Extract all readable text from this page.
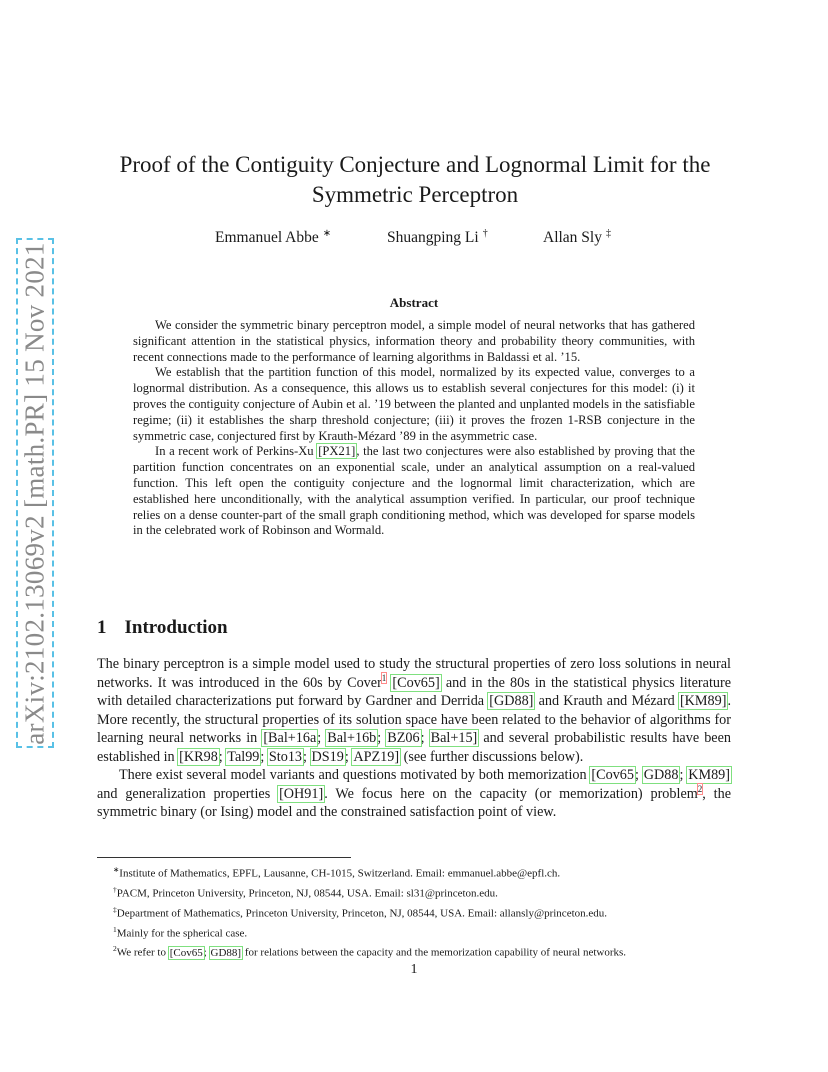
arXiv:2102.13069v2 [math.PR] 15 Nov 2021
Proof of the Contiguity Conjecture and Lognormal Limit for the
Symmetric Perceptron
Emmanuel Abbe ∗	Shuangping Li †	Allan Sly ‡
Abstract

We consider the symmetric binary perceptron model, a simple model of neural networks that has gathered significant attention in the statistical physics, information theory and probability theory communities, with recent connections made to the performance of learning algorithms in Baldassi et al. ’15.

We establish that the partition function of this model, normalized by its expected value, converges to a lognormal distribution. As a consequence, this allows us to establish several conjectures for this model: (i) it proves the contiguity conjecture of Aubin et al. ’19 between the planted and unplanted models in the satisfiable regime; (ii) it establishes the sharp threshold conjecture; (iii) it proves the frozen 1-RSB conjecture in the symmetric case, conjectured first by Krauth-Mézard ’89 in the asymmetric case.

In a recent work of Perkins-Xu [PX21], the last two conjectures were also established by proving that the partition function concentrates on an exponential scale, under an analytical assumption on a real-valued function. This left open the contiguity conjecture and the lognormal limit characterization, which are established here unconditionally, with the analytical assumption verified. In particular, our proof technique relies on a dense counter-part of the small graph conditioning method, which was developed for sparse models in the celebrated work of Robinson and Wormald.

1 Introduction

The binary perceptron is a simple model used to study the structural properties of zero loss solutions in neural networks. It was introduced in the 60s by Cover$^1$ [Cov65] and in the 80s in the statistical physics literature with detailed characterizations put forward by Gardner and Derrida [GD88] and Krauth and Mézard [KM89]. More recently, the structural properties of its solution space have been related to the behavior of algorithms for learning neural networks in [Bal+16a; Bal+16b; BZ06; Bal+15] and several probabilistic results have been established in [KR98; Tal99; Sto13; DS19; APZ19] (see further discussions below).

There exist several model variants and questions motivated by both memorization [Cov65; GD88; KM89] and generalization properties [OH91]. We focus here on the capacity (or memorization) problem$^2$, the symmetric binary (or Ising) model and the constrained satisfaction point of view.

∗Institute of Mathematics, EPFL, Lausanne, CH-1015, Switzerland. Email: emmanuel.abbe@epfl.ch.
†PACM, Princeton University, Princeton, NJ, 08544, USA. Email: sl31@princeton.edu.
‡Department of Mathematics, Princeton University, Princeton, NJ, 08544, USA. Email: allansly@princeton.edu.
$^1$Mainly for the spherical case.
$^2$We refer to [Cov65; GD88] for relations between the capacity and the memorization capability of neural networks.
1
